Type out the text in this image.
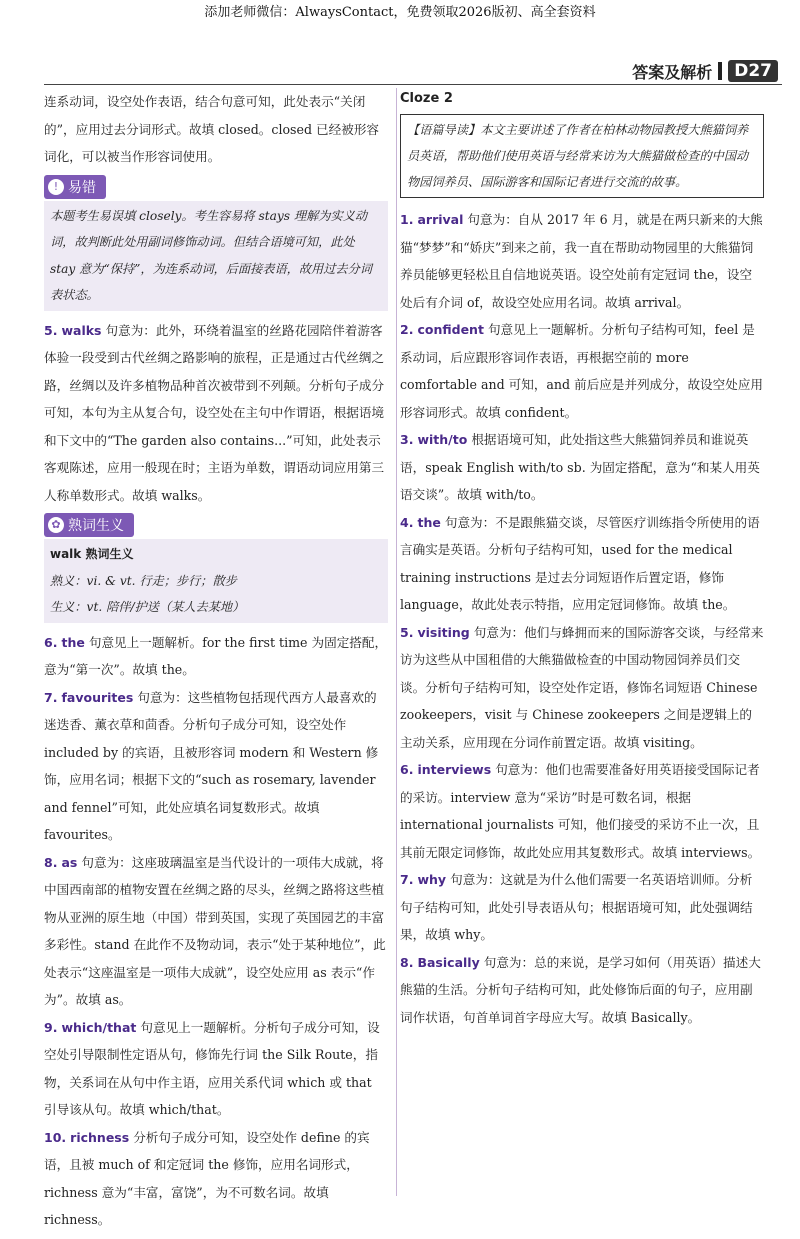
添加老师微信：AlwaysContact，免费领取2026版初、高全套资料
答案及解析	D27

连系动词，设空处作表语，结合句意可知，此处表示“关闭的”，应用过去分词形式。故填 closed。closed 已经被形容词化，可以被当作形容词使用。

! 易错

本题考生易误填 closely。考生容易将 stays 理解为实义动词，故判断此处用副词修饰动词。但结合语境可知，此处 stay 意为“保持”，为连系动词，后面接表语，故用过去分词表状态。

5. walks 句意为：此外，环绕着温室的丝路花园陪伴着游客体验一段受到古代丝绸之路影响的旅程，正是通过古代丝绸之路，丝绸以及许多植物品种首次被带到不列颠。分析句子成分可知，本句为主从复合句，设空处在主句中作谓语，根据语境和下文中的“The garden also contains...”可知，此处表示客观陈述，应用一般现在时；主语为单数，谓语动词应用第三人称单数形式。故填 walks。
✿ 熟词生义

walk 熟词生义

熟义：vi. & vt. 行走；步行；散步

生义：vt. 陪伴/护送（某人去某地）

6. the 句意见上一题解析。for the first time 为固定搭配，意为“第一次”。故填 the。
7. favourites 句意为：这些植物包括现代西方人最喜欢的迷迭香、薰衣草和茴香。分析句子成分可知，设空处作 included by 的宾语，且被形容词 modern 和 Western 修饰，应用名词；根据下文的“such as rosemary, lavender and fennel”可知，此处应填名词复数形式。故填 favourites。
8. as 句意为：这座玻璃温室是当代设计的一项伟大成就，将中国西南部的植物安置在丝绸之路的尽头，丝绸之路将这些植物从亚洲的原生地（中国）带到英国，实现了英国园艺的丰富多彩性。stand 在此作不及物动词，表示“处于某种地位”，此处表示“这座温室是一项伟大成就”，设空处应用 as 表示“作为”。故填 as。
9. which/that 句意见上一题解析。分析句子成分可知，设空处引导限制性定语从句，修饰先行词 the Silk Route，指物，关系词在从句中作主语，应用关系代词 which 或 that 引导该从句。故填 which/that。
10. richness 分析句子成分可知，设空处作 define 的宾语，且被 much of 和定冠词 the 修饰，应用名词形式，richness 意为“丰富，富饶”，为不可数名词。故填 richness。
Cloze 2

【语篇导读】本文主要讲述了作者在柏林动物园教授大熊猫饲养员英语，帮助他们使用英语与经常来访为大熊猫做检查的中国动物园饲养员、国际游客和国际记者进行交流的故事。

1. arrival 句意为：自从 2017 年 6 月，就是在两只新来的大熊猫“梦梦”和“娇庆”到来之前，我一直在帮助动物园里的大熊猫饲养员能够更轻松且自信地说英语。设空处前有定冠词 the，设空处后有介词 of，故设空处应用名词。故填 arrival。
2. confident 句意见上一题解析。分析句子结构可知，feel 是系动词，后应跟形容词作表语，再根据空前的 more comfortable and 可知，and 前后应是并列成分，故设空处应用形容词形式。故填 confident。
3. with/to 根据语境可知，此处指这些大熊猫饲养员和谁说英语，speak English with/to sb. 为固定搭配，意为“和某人用英语交谈”。故填 with/to。
4. the 句意为：不是跟熊猫交谈，尽管医疗训练指令所使用的语言确实是英语。分析句子结构可知，used for the medical training instructions 是过去分词短语作后置定语，修饰 language，故此处表示特指，应用定冠词修饰。故填 the。
5. visiting 句意为：他们与蜂拥而来的国际游客交谈，与经常来访为这些从中国租借的大熊猫做检查的中国动物园饲养员们交谈。分析句子结构可知，设空处作定语，修饰名词短语 Chinese zookeepers，visit 与 Chinese zookeepers 之间是逻辑上的主动关系，应用现在分词作前置定语。故填 visiting。
6. interviews 句意为：他们也需要准备好用英语接受国际记者的采访。interview 意为“采访”时是可数名词，根据 international journalists 可知，他们接受的采访不止一次，且其前无限定词修饰，故此处应用其复数形式。故填 interviews。
7. why 句意为：这就是为什么他们需要一名英语培训师。分析句子结构可知，此处引导表语从句；根据语境可知，此处强调结果，故填 why。
8. Basically 句意为：总的来说，是学习如何（用英语）描述大熊猫的生活。分析句子结构可知，此处修饰后面的句子，应用副词作状语，句首单词首字母应大写。故填 Basically。
